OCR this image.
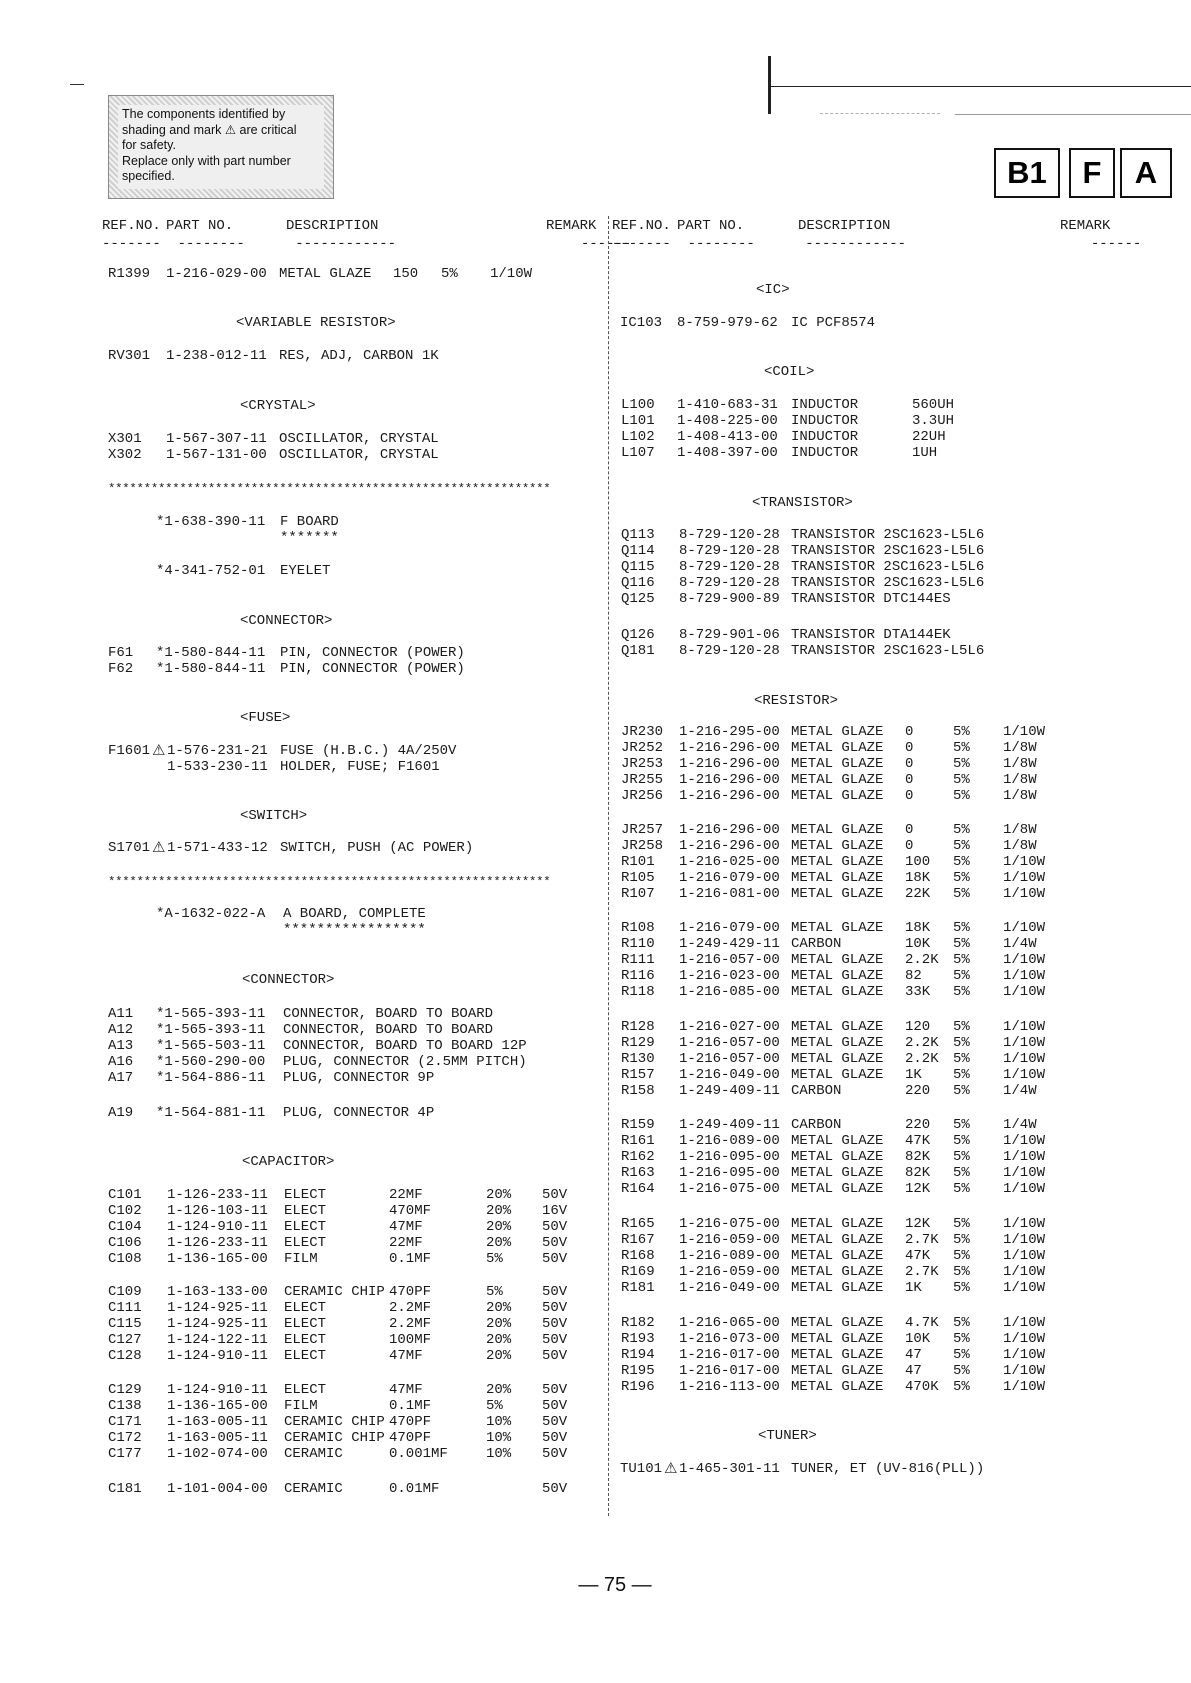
The components identified by
shading and mark ⚠ are critical
for safety.
Replace only with part number
specified.	B1	F	A
REF.NO. PART NO.	DESCRIPTION	REMARK
-------  --------      ------------                      ------
REF.NO. PART NO.	DESCRIPTION	REMARK
-------  --------      ------------                      ------
R1399 1-216-029-00 METAL GLAZE 150 5% 1/10W
<VARIABLE RESISTOR>
RV301 1-238-012-11 RES, ADJ, CARBON 1K
<CRYSTAL>
X301 1-567-307-11 OSCILLATOR, CRYSTAL
X302 1-567-131-00 OSCILLATOR, CRYSTAL
**************************************************************
*1-638-390-11 F BOARD
*******
*4-341-752-01 EYELET
<CONNECTOR>
F61 *1-580-844-11 PIN, CONNECTOR (POWER)
F62 *1-580-844-11 PIN, CONNECTOR (POWER)
<FUSE>
F1601 ⚠ 1-576-231-21 FUSE (H.B.C.) 4A/250V
1-533-230-11 HOLDER, FUSE; F1601
<SWITCH>
S1701 ⚠ 1-571-433-12 SWITCH, PUSH (AC POWER)
**************************************************************
*A-1632-022-A A BOARD, COMPLETE
*****************
<CONNECTOR>
A11 *1-565-393-11 CONNECTOR, BOARD TO BOARD
A12 *1-565-393-11 CONNECTOR, BOARD TO BOARD
A13 *1-565-503-11 CONNECTOR, BOARD TO BOARD 12P
A16 *1-560-290-00 PLUG, CONNECTOR (2.5MM PITCH)
A17 *1-564-886-11 PLUG, CONNECTOR 9P
A19 *1-564-881-11 PLUG, CONNECTOR 4P
<CAPACITOR>
C101 1-126-233-11 ELECT	22MF	20% 50V
C102 1-126-103-11 ELECT	470MF	20% 16V
C104 1-124-910-11 ELECT	47MF	20% 50V
C106 1-126-233-11 ELECT	22MF	20% 50V
C108 1-136-165-00 FILM	0.1MF	5%	50V
C109 1-163-133-00 CERAMIC CHIP 470PF	5%	50V
C111 1-124-925-11 ELECT	2.2MF	20% 50V
C115 1-124-925-11 ELECT	2.2MF	20% 50V
C127 1-124-122-11 ELECT	100MF	20% 50V
C128 1-124-910-11 ELECT	47MF	20% 50V
C129 1-124-910-11 ELECT	47MF	20% 50V
C138 1-136-165-00 FILM	0.1MF	5%	50V
C171 1-163-005-11 CERAMIC CHIP 470PF	10% 50V
C172 1-163-005-11 CERAMIC CHIP 470PF	10% 50V
C177 1-102-074-00 CERAMIC	0.001MF	10% 50V
C181 1-101-004-00 CERAMIC	0.01MF	50V
<IC>
IC103 8-759-979-62 IC PCF8574
<COIL>
L100 1-410-683-31 INDUCTOR	560UH
L101 1-408-225-00 INDUCTOR	3.3UH
L102 1-408-413-00 INDUCTOR	22UH
L107 1-408-397-00 INDUCTOR	1UH
<TRANSISTOR>
Q113 8-729-120-28 TRANSISTOR 2SC1623-L5L6
Q114 8-729-120-28 TRANSISTOR 2SC1623-L5L6
Q115 8-729-120-28 TRANSISTOR 2SC1623-L5L6
Q116 8-729-120-28 TRANSISTOR 2SC1623-L5L6
Q125 8-729-900-89 TRANSISTOR DTC144ES
Q126 8-729-901-06 TRANSISTOR DTA144EK
Q181 8-729-120-28 TRANSISTOR 2SC1623-L5L6
<RESISTOR>
JR230 1-216-295-00 METAL GLAZE 0	5% 1/10W
JR252 1-216-296-00 METAL GLAZE 0	5% 1/8W
JR253 1-216-296-00 METAL GLAZE 0	5% 1/8W
JR255 1-216-296-00 METAL GLAZE 0	5% 1/8W
JR256 1-216-296-00 METAL GLAZE 0	5% 1/8W
JR257 1-216-296-00 METAL GLAZE 0	5% 1/8W
JR258 1-216-296-00 METAL GLAZE 0	5% 1/8W
R101 1-216-025-00 METAL GLAZE 100 5% 1/10W
R105 1-216-079-00 METAL GLAZE 18K 5% 1/10W
R107 1-216-081-00 METAL GLAZE 22K 5% 1/10W
R108 1-216-079-00 METAL GLAZE 18K 5% 1/10W
R110 1-249-429-11 CARBON	10K 5% 1/4W
R111 1-216-057-00 METAL GLAZE 2.2K 5% 1/10W
R116 1-216-023-00 METAL GLAZE 82 5% 1/10W
R118 1-216-085-00 METAL GLAZE 33K 5% 1/10W
R128 1-216-027-00 METAL GLAZE 120 5% 1/10W
R129 1-216-057-00 METAL GLAZE 2.2K 5% 1/10W
R130 1-216-057-00 METAL GLAZE 2.2K 5% 1/10W
R157 1-216-049-00 METAL GLAZE 1K 5% 1/10W
R158 1-249-409-11 CARBON	220 5% 1/4W
R159 1-249-409-11 CARBON	220 5% 1/4W
R161 1-216-089-00 METAL GLAZE 47K 5% 1/10W
R162 1-216-095-00 METAL GLAZE 82K 5% 1/10W
R163 1-216-095-00 METAL GLAZE 82K 5% 1/10W
R164 1-216-075-00 METAL GLAZE 12K 5% 1/10W
R165 1-216-075-00 METAL GLAZE 12K 5% 1/10W
R167 1-216-059-00 METAL GLAZE 2.7K 5% 1/10W
R168 1-216-089-00 METAL GLAZE 47K 5% 1/10W
R169 1-216-059-00 METAL GLAZE 2.7K 5% 1/10W
R181 1-216-049-00 METAL GLAZE 1K 5% 1/10W
R182 1-216-065-00 METAL GLAZE 4.7K 5% 1/10W
R193 1-216-073-00 METAL GLAZE 10K 5% 1/10W
R194 1-216-017-00 METAL GLAZE 47 5% 1/10W
R195 1-216-017-00 METAL GLAZE 47 5% 1/10W
R196 1-216-113-00 METAL GLAZE 470K 5% 1/10W
<TUNER>
TU101 ⚠ 1-465-301-11 TUNER, ET (UV-816(PLL))
— 75 —
